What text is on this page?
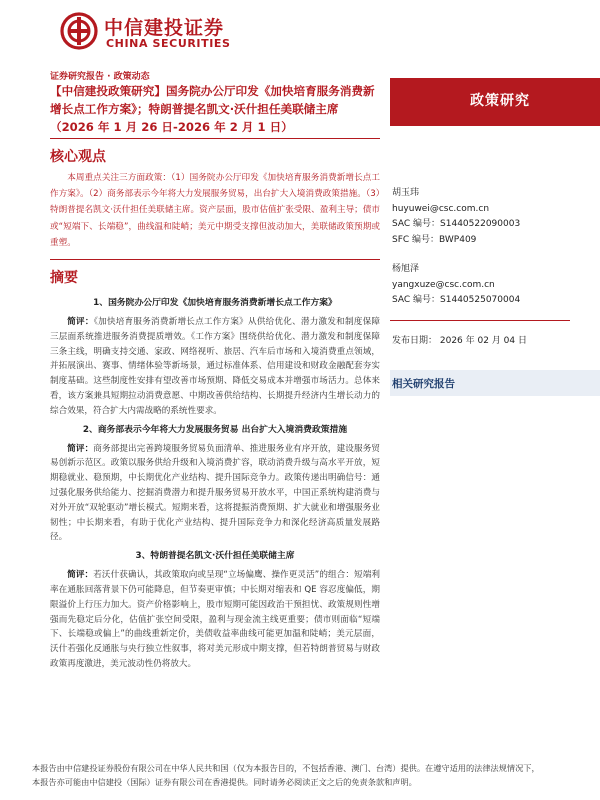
中信建投证券
CHINA SECURITIES
证券研究报告 · 政策动态
【中信建投政策研究】国务院办公厅印发《加快培育服务消费新增长点工作方案》；特朗普提名凯文·沃什担任美联储主席（2026 年 1 月 26 日-2026 年 2 月 1 日）
政策研究
核心观点
本周重点关注三方面政策：（1）国务院办公厅印发《加快培育服务消费新增长点工作方案》。（2）商务部表示今年将大力发展服务贸易，出台扩大入境消费政策措施。（3）特朗普提名凯文·沃什担任美联储主席。资产层面，股市估值扩张受限、盈利主导；债市或“短端下、长端稳”，曲线温和陡峭；美元中期受支撑但波动加大，美联储政策预期或重塑。
摘要
1、国务院办公厅印发《加快培育服务消费新增长点工作方案》
简评：《加快培育服务消费新增长点工作方案》从供给优化、潜力激发和制度保障三层面系统推进服务消费提质增效。《工作方案》围绕供给优化、潜力激发和制度保障三条主线，明确支持交通、家政、网络视听、旅居、汽车后市场和入境消费重点领域，并拓展演出、赛事、情绪体验等新场景，通过标准体系、信用建设和财政金融配套夯实制度基础。这些制度性安排有望改善市场预期、降低交易成本并增强市场活力。总体来看，该方案兼具短期拉动消费意愿、中期改善供给结构、长期提升经济内生增长动力的综合效果，符合扩大内需战略的系统性要求。
2、商务部表示今年将大力发展服务贸易 出台扩大入境消费政策措施
简评：商务部提出完善跨境服务贸易负面清单、推进服务业有序开放，建设服务贸易创新示范区。政策以服务供给升级和入境消费扩容，联动消费升级与高水平开放，短期稳就业、稳预期，中长期优化产业结构、提升国际竞争力。政策传递出明确信号：通过强化服务供给能力、挖掘消费潜力和提升服务贸易开放水平，中国正系统构建消费与对外开放“双轮驱动”增长模式。短期来看，这将提振消费预期、扩大就业和增强服务业韧性；中长期来看，有助于优化产业结构、提升国际竞争力和深化经济高质量发展路径。
3、特朗普提名凯文·沃什担任美联储主席
简评：若沃什获确认，其政策取向或呈现“立场偏鹰、操作更灵活”的组合：短端利率在通胀回落背景下仍可能降息，但节奏更审慎；中长期对缩表和 QE 容忍度偏低，期限溢价上行压力加大。资产价格影响上，股市短期可能因政治干预担忧、政策规则性增强而先稳定后分化，估值扩张空间受限，盈利与现金流主线更重要；债市则面临“短端下、长端稳或偏上”的曲线重新定价，美债收益率曲线可能更加温和陡峭；美元层面，沃什若强化反通胀与央行独立性叙事，将对美元形成中期支撑，但若特朗普贸易与财政政策再度激进，美元波动性仍将放大。
胡玉玮
huyuwei@csc.com.cn
SAC 编号：S1440522090003
SFC 编号：BWP409
杨旭泽
yangxuze@csc.com.cn
SAC 编号：S1440525070004
发布日期： 2026 年 02 月 04 日
相关研究报告
本报告由中信建投证券股份有限公司在中华人民共和国（仅为本报告目的，不包括香港、澳门、台湾）提供。在遵守适用的法律法规情况下，
本报告亦可能由中信建投（国际）证券有限公司在香港提供。同时请务必阅读正文之后的免责条款和声明。
